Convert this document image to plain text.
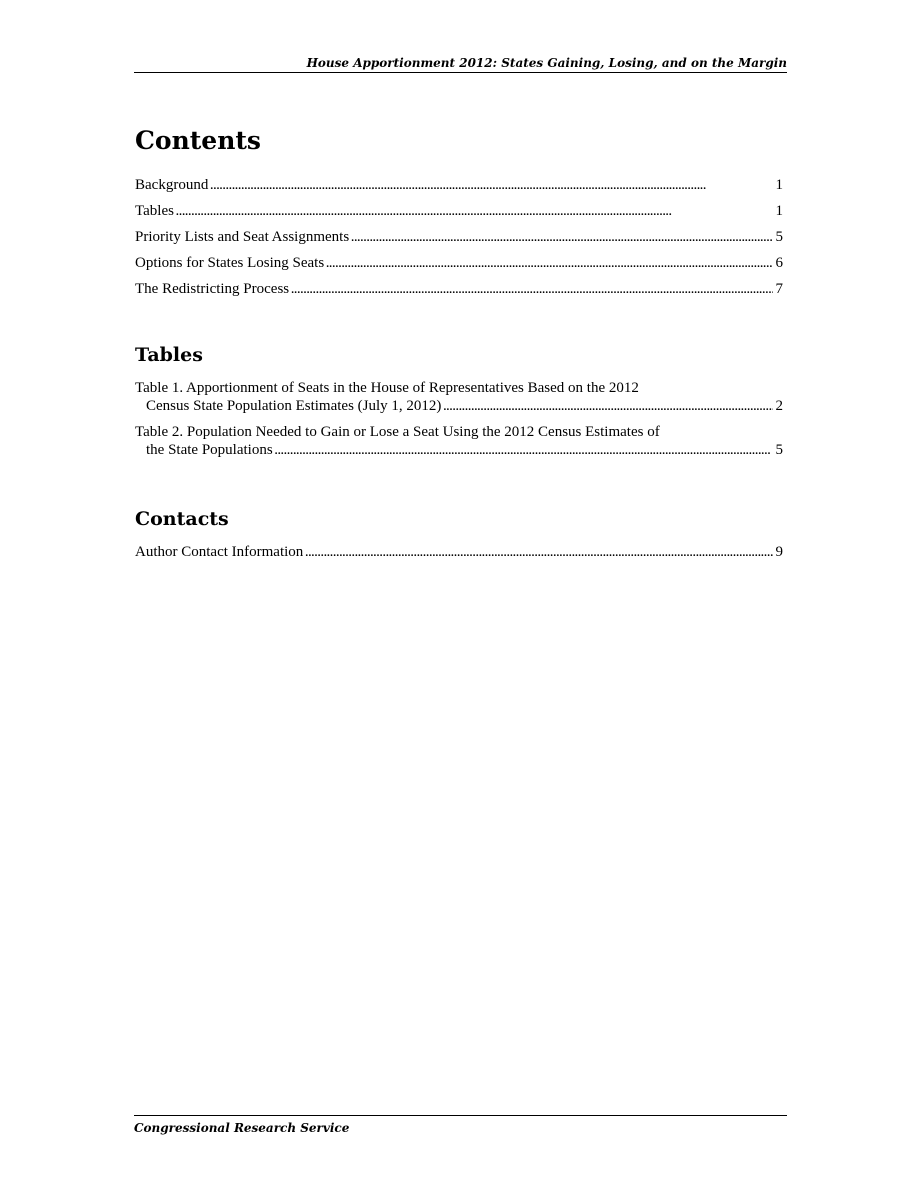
House Apportionment 2012: States Gaining, Losing, and on the Margin
Contents
Background . . .	1
Tables . . .	1
Priority Lists and Seat Assignments . . .	5
Options for States Losing Seats . . .	6
The Redistricting Process . . .	7
Tables
Table 1. Apportionment of Seats in the House of Representatives Based on the 2012
Census State Population Estimates (July 1, 2012) . . .	2
Table 2. Population Needed to Gain or Lose a Seat Using the 2012 Census Estimates of
the State Populations . . .	5
Contacts
Author Contact Information . . .	9
Congressional Research Service
